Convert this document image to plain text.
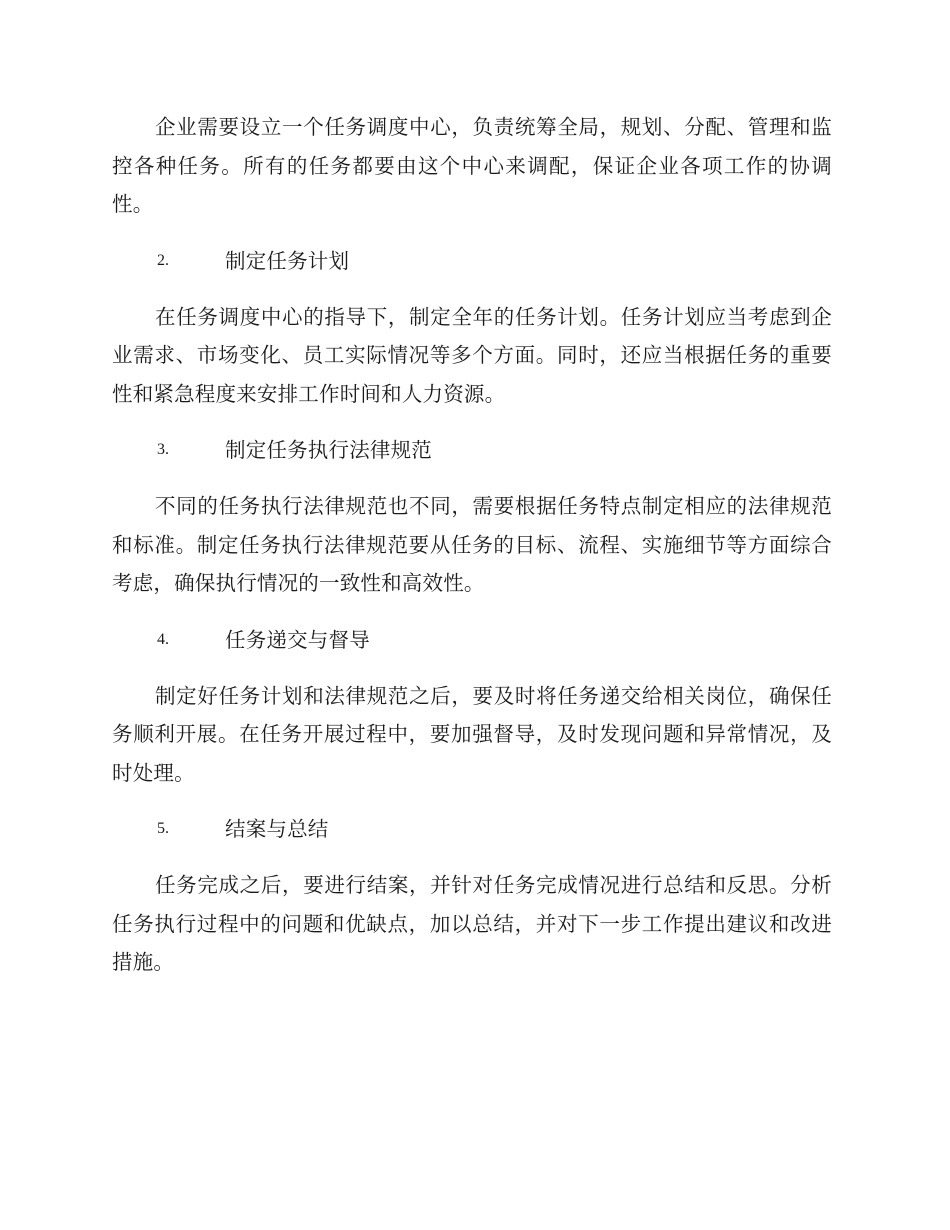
企业需要设立一个任务调度中心，负责统筹全局，规划、分配、管理和监控各种任务。所有的任务都要由这个中心来调配，保证企业各项工作的协调性。

2.	制定任务计划

在任务调度中心的指导下，制定全年的任务计划。任务计划应当考虑到企业需求、市场变化、员工实际情况等多个方面。同时，还应当根据任务的重要性和紧急程度来安排工作时间和人力资源。

3.	制定任务执行法律规范

不同的任务执行法律规范也不同，需要根据任务特点制定相应的法律规范和标准。制定任务执行法律规范要从任务的目标、流程、实施细节等方面综合考虑，确保执行情况的一致性和高效性。

4.	任务递交与督导

制定好任务计划和法律规范之后，要及时将任务递交给相关岗位，确保任务顺利开展。在任务开展过程中，要加强督导，及时发现问题和异常情况，及时处理。

5.	结案与总结

任务完成之后，要进行结案，并针对任务完成情况进行总结和反思。分析任务执行过程中的问题和优缺点，加以总结，并对下一步工作提出建议和改进措施。
